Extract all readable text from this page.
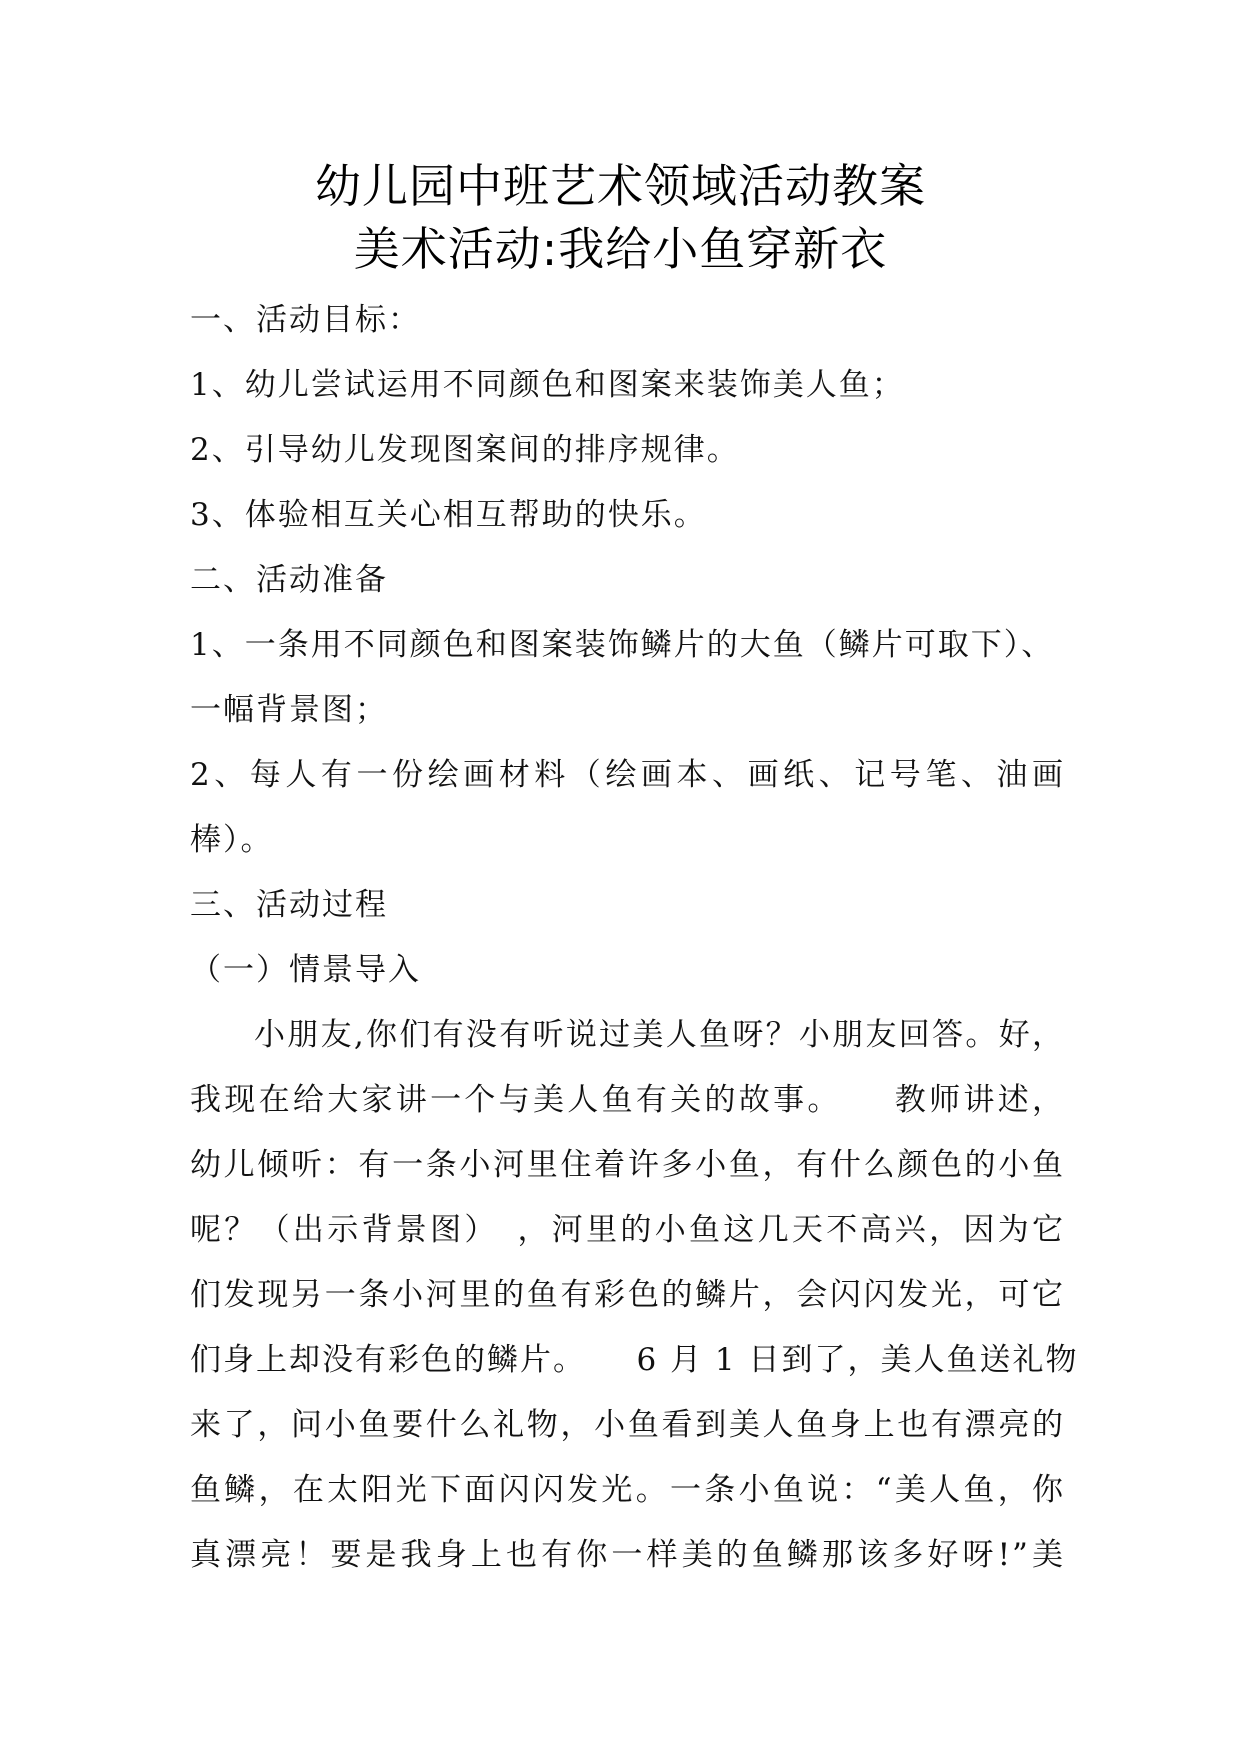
幼儿园中班艺术领域活动教案
美术活动:我给小鱼穿新衣
一、活动目标：
1、幼儿尝试运用不同颜色和图案来装饰美人鱼；
2、引导幼儿发现图案间的排序规律。
3、体验相互关心相互帮助的快乐。
二、活动准备
1、一条用不同颜色和图案装饰鳞片的大鱼（鳞片可取下）、
一幅背景图；
2、每人有一份绘画材料（绘画本、画纸、记号笔、油画
棒）。
三、活动过程
（一）情景导入
小朋友,你们有没有听说过美人鱼呀？小朋友回答。好，
我现在给大家讲一个与美人鱼有关的故事。　　教师讲述，
幼儿倾听：有一条小河里住着许多小鱼，有什么颜色的小鱼
呢？（出示背景图）　，河里的小鱼这几天不高兴，因为它
们发现另一条小河里的鱼有彩色的鳞片，会闪闪发光，可它
们身上却没有彩色的鳞片。　　6 月 1 日到了，美人鱼送礼物
来了，问小鱼要什么礼物，小鱼看到美人鱼身上也有漂亮的
鱼鳞，在太阳光下面闪闪发光。一条小鱼说：“美人鱼，你
真漂亮！要是我身上也有你一样美的鱼鳞那该多好呀!”美
